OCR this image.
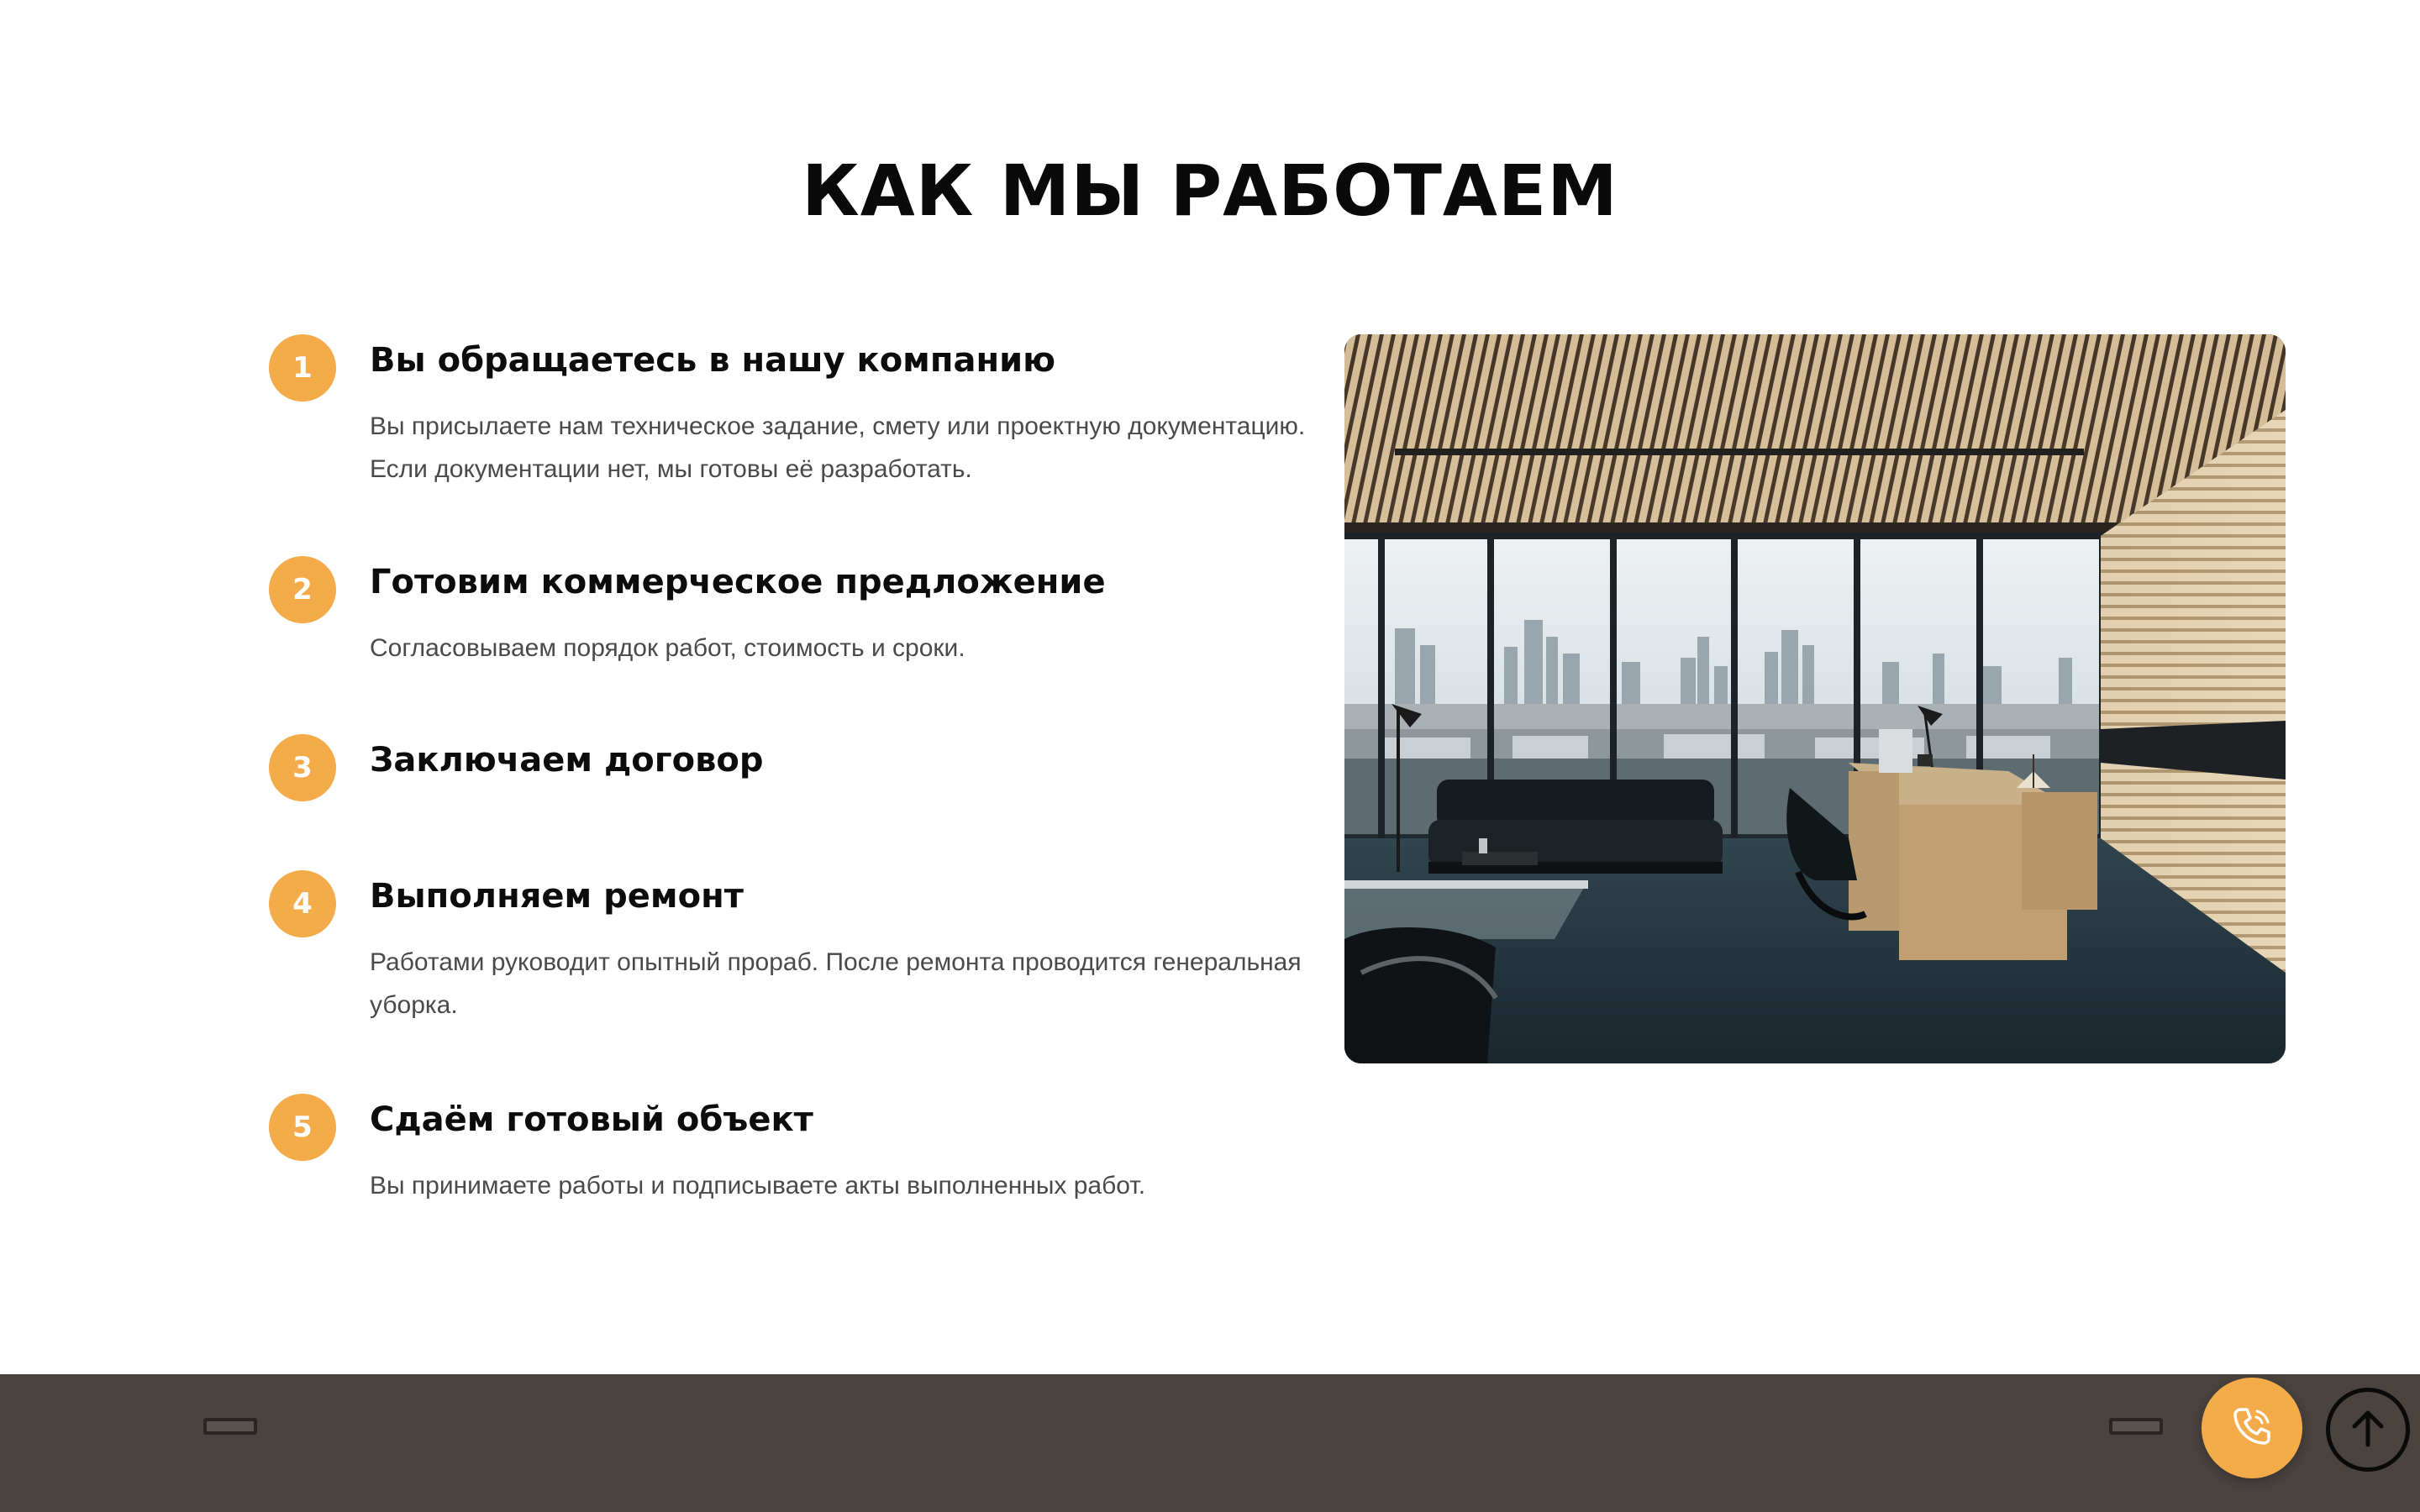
КАК МЫ РАБОТАЕМ
1	Вы обращаетесь в нашу компанию

Вы присылаете нам техническое задание, смету или проектную документацию. Если документации нет, мы готовы её разработать.

2	Готовим коммерческое предложение

Согласовываем порядок работ, стоимость и сроки.

3	Заключаем договор

4	Выполняем ремонт

Работами руководит опытный прораб. После ремонта проводится генеральная уборка.

5	Сдаём готовый объект

Вы принимаете работы и подписываете акты выполненных работ.
